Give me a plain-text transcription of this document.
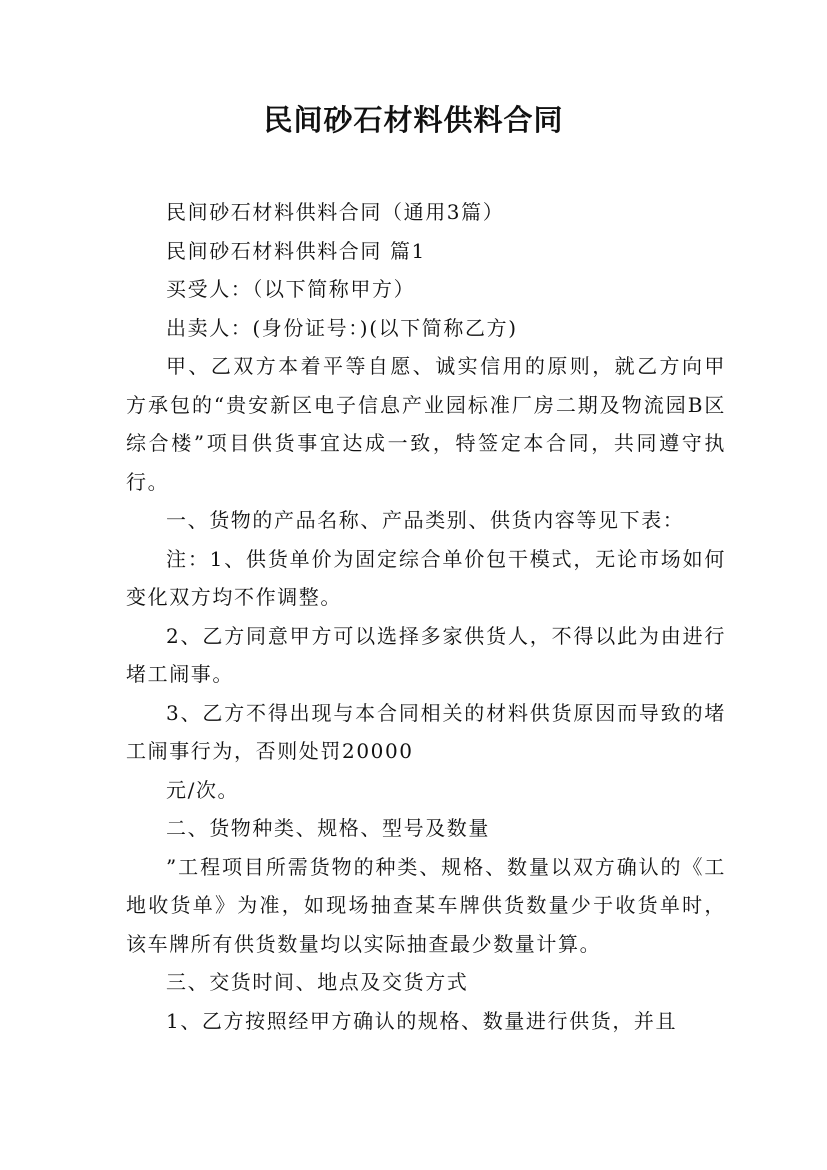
民间砂石材料供料合同

民间砂石材料供料合同（通用3篇）

民间砂石材料供料合同 篇1

买受人：（以下简称甲方）

出卖人：(身份证号：)(以下简称乙方)

甲、乙双方本着平等自愿、诚实信用的原则，就乙方向甲方承包的“贵安新区电子信息产业园标准厂房二期及物流园B区综合楼”项目供货事宜达成一致，特签定本合同，共同遵守执行。

一、货物的产品名称、产品类别、供货内容等见下表：

注：1、供货单价为固定综合单价包干模式，无论市场如何变化双方均不作调整。

2、乙方同意甲方可以选择多家供货人，不得以此为由进行堵工闹事。

3、乙方不得出现与本合同相关的材料供货原因而导致的堵工闹事行为，否则处罚20000

元/次。

二、货物种类、规格、型号及数量

”工程项目所需货物的种类、规格、数量以双方确认的《工地收货单》为准，如现场抽查某车牌供货数量少于收货单时，该车牌所有供货数量均以实际抽查最少数量计算。

三、交货时间、地点及交货方式

1、乙方按照经甲方确认的规格、数量进行供货，并且
